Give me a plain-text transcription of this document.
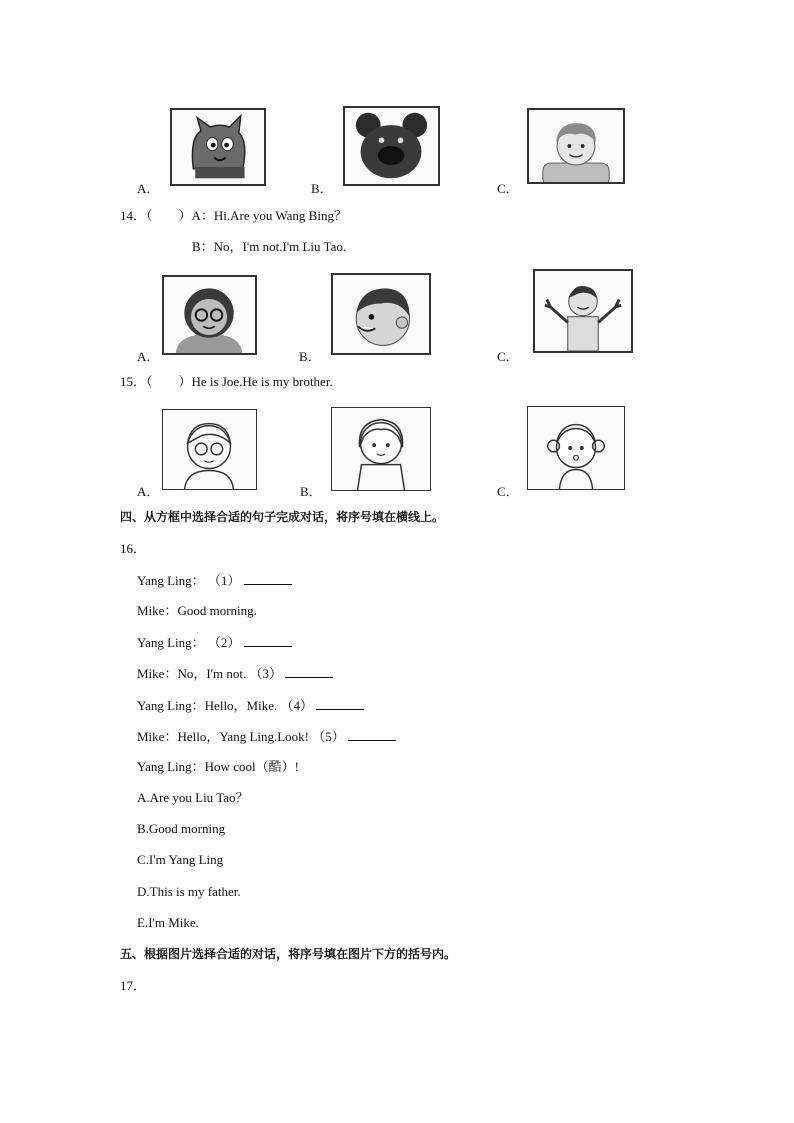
A．	B．	C．
14．（　　）A：Hi.Are you Wang Bing？
B：No，I'm not.I'm Liu Tao.
A．	B．	C．
15．（　　）He is Joe.He is my brother.
A．	B．	C．
四、从方框中选择合适的句子完成对话，将序号填在横线上。
16．
Yang Ling： （1）
Mike：Good morning.
Yang Ling： （2）
Mike：No，I'm not. （3）
Yang Ling：Hello，Mike. （4）
Mike：Hello，Yang Ling.Look! （5）
Yang Ling：How cool（酷）!
A.Are you Liu Tao？
B.Good morning
C.I'm Yang Ling
D.This is my father.
E.I'm Mike.
五、根据图片选择合适的对话，将序号填在图片下方的括号内。
17．
